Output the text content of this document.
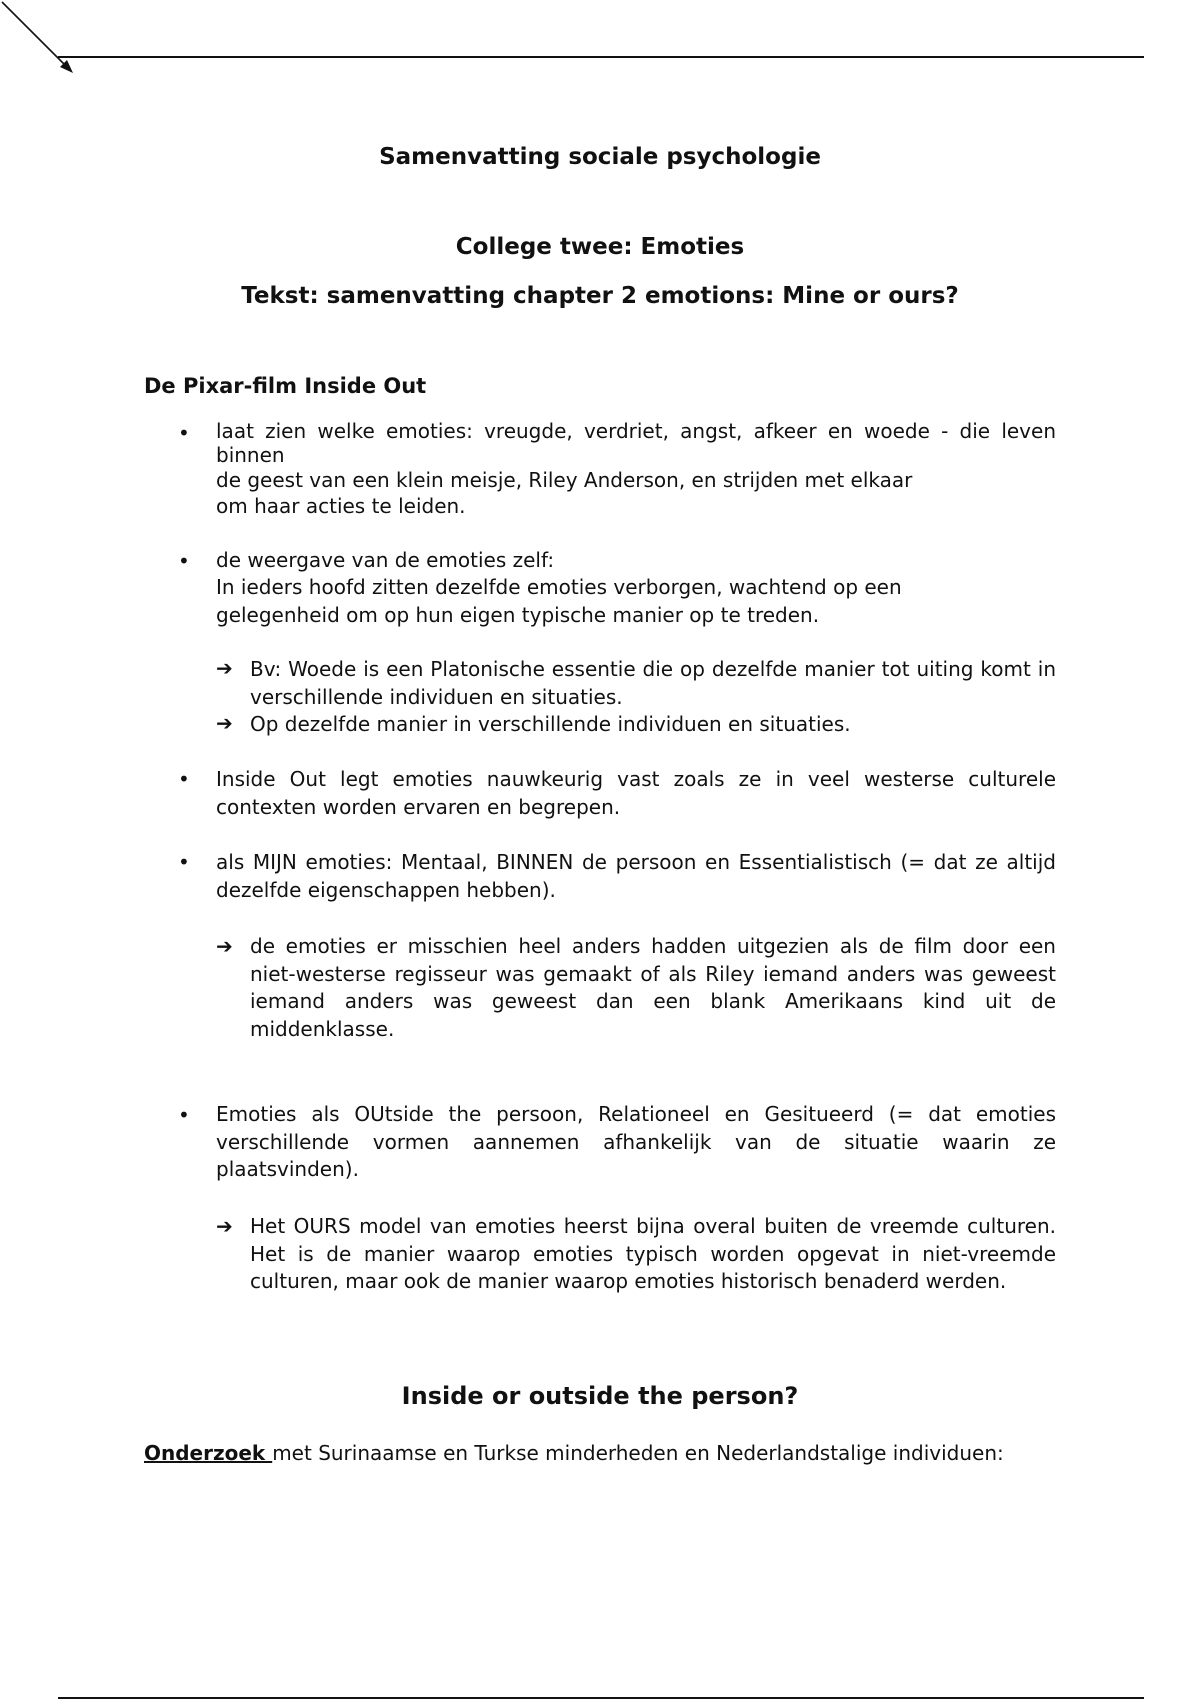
Samenvatting sociale psychologie
College twee: Emoties
Tekst: samenvatting chapter 2 emotions: Mine or ours?
De Pixar-film Inside Out
• laat zien welke emoties: vreugde, verdriet, angst, afkeer en woede - die leven binnen
de geest van een klein meisje, Riley Anderson, en strijden met elkaar
om haar acties te leiden.
• de weergave van de emoties zelf:
In ieders hoofd zitten dezelfde emoties verborgen, wachtend op een gelegenheid om op hun eigen typische manier op te treden.
➔ Bv: Woede is een Platonische essentie die op dezelfde manier tot uiting komt in verschillende individuen en situaties.
➔ Op dezelfde manier in verschillende individuen en situaties.
• Inside Out legt emoties nauwkeurig vast zoals ze in veel westerse culturele contexten worden ervaren en begrepen.
• als MIJN emoties: Mentaal, BINNEN de persoon en Essentialistisch (= dat ze altijd dezelfde eigenschappen hebben).
➔ de emoties er misschien heel anders hadden uitgezien als de film door een niet-westerse regisseur was gemaakt of als Riley iemand anders was geweest iemand anders was geweest dan een blank Amerikaans kind uit de middenklasse.
• Emoties als OUtside the persoon, Relationeel en Gesitueerd (= dat emoties verschillende vormen aannemen afhankelijk van de situatie waarin ze plaatsvinden).
➔ Het OURS model van emoties heerst bijna overal buiten de vreemde culturen. Het is de manier waarop emoties typisch worden opgevat in niet-vreemde culturen, maar ook de manier waarop emoties historisch benaderd werden.
Inside or outside the person?
Onderzoek met Surinaamse en Turkse minderheden en Nederlandstalige individuen:
